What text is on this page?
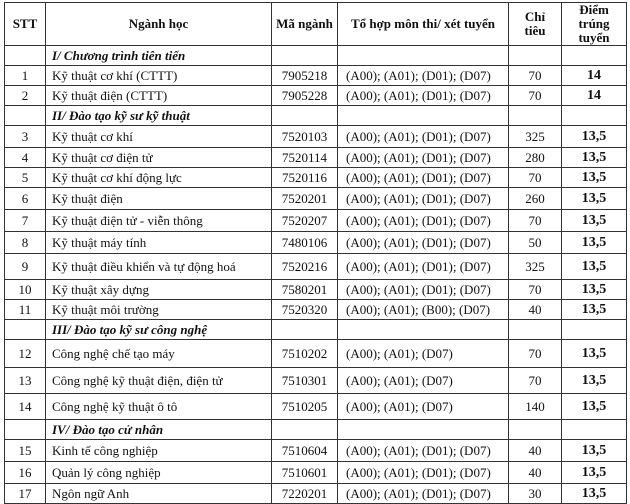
STT	Ngành học	Mã ngành	Tổ hợp môn thi/ xét tuyển	Chỉ tiêu	Điểm trúng tuyển
	I/ Chương trình tiên tiến				
1	Kỹ thuật cơ khí (CTTT)	7905218	(A00); (A01); (D01); (D07)	70	14
2	Kỹ thuật điện (CTTT)	7905228	(A00); (A01); (D01); (D07)	70	14
	II/ Đào tạo kỹ sư kỹ thuật				
3	Kỹ thuật cơ khí	7520103	(A00); (A01); (D01); (D07)	325	13,5
4	Kỹ thuật cơ điện tử	7520114	(A00); (A01); (D01); (D07)	280	13,5
5	Kỹ thuật cơ khí động lực	7520116	(A00); (A01); (D01); (D07)	70	13,5
6	Kỹ thuật điện	7520201	(A00); (A01); (D01); (D07)	260	13,5
7	Kỹ thuật điện tử - viễn thông	7520207	(A00); (A01); (D01); (D07)	70	13,5
8	Kỹ thuật máy tính	7480106	(A00); (A01); (D01); (D07)	50	13,5
9	Kỹ thuật điều khiển và tự động hoá	7520216	(A00); (A01); (D01); (D07)	325	13,5
10	Kỹ thuật xây dựng	7580201	(A00); (A01); (D01); (D07)	70	13,5
11	Kỹ thuật môi trường	7520320	(A00); (A01); (B00); (D07)	40	13,5
	III/ Đào tạo kỹ sư công nghệ				
12	Công nghệ chế tạo máy	7510202	(A00); (A01); (D07)	70	13,5
13	Công nghệ kỹ thuật điện, điện tử	7510301	(A00); (A01); (D07)	70	13,5
14	Công nghệ kỹ thuật ô tô	7510205	(A00); (A01); (D07)	140	13,5
	IV/ Đào tạo cử nhân				
15	Kinh tế công nghiệp	7510604	(A00); (A01); (D01); (D07)	40	13,5
16	Quản lý công nghiệp	7510601	(A00); (A01); (D01); (D07)	40	13,5
17	Ngôn ngữ Anh	7220201	(A00); (A01); (D01); (D07)	30	13,5
